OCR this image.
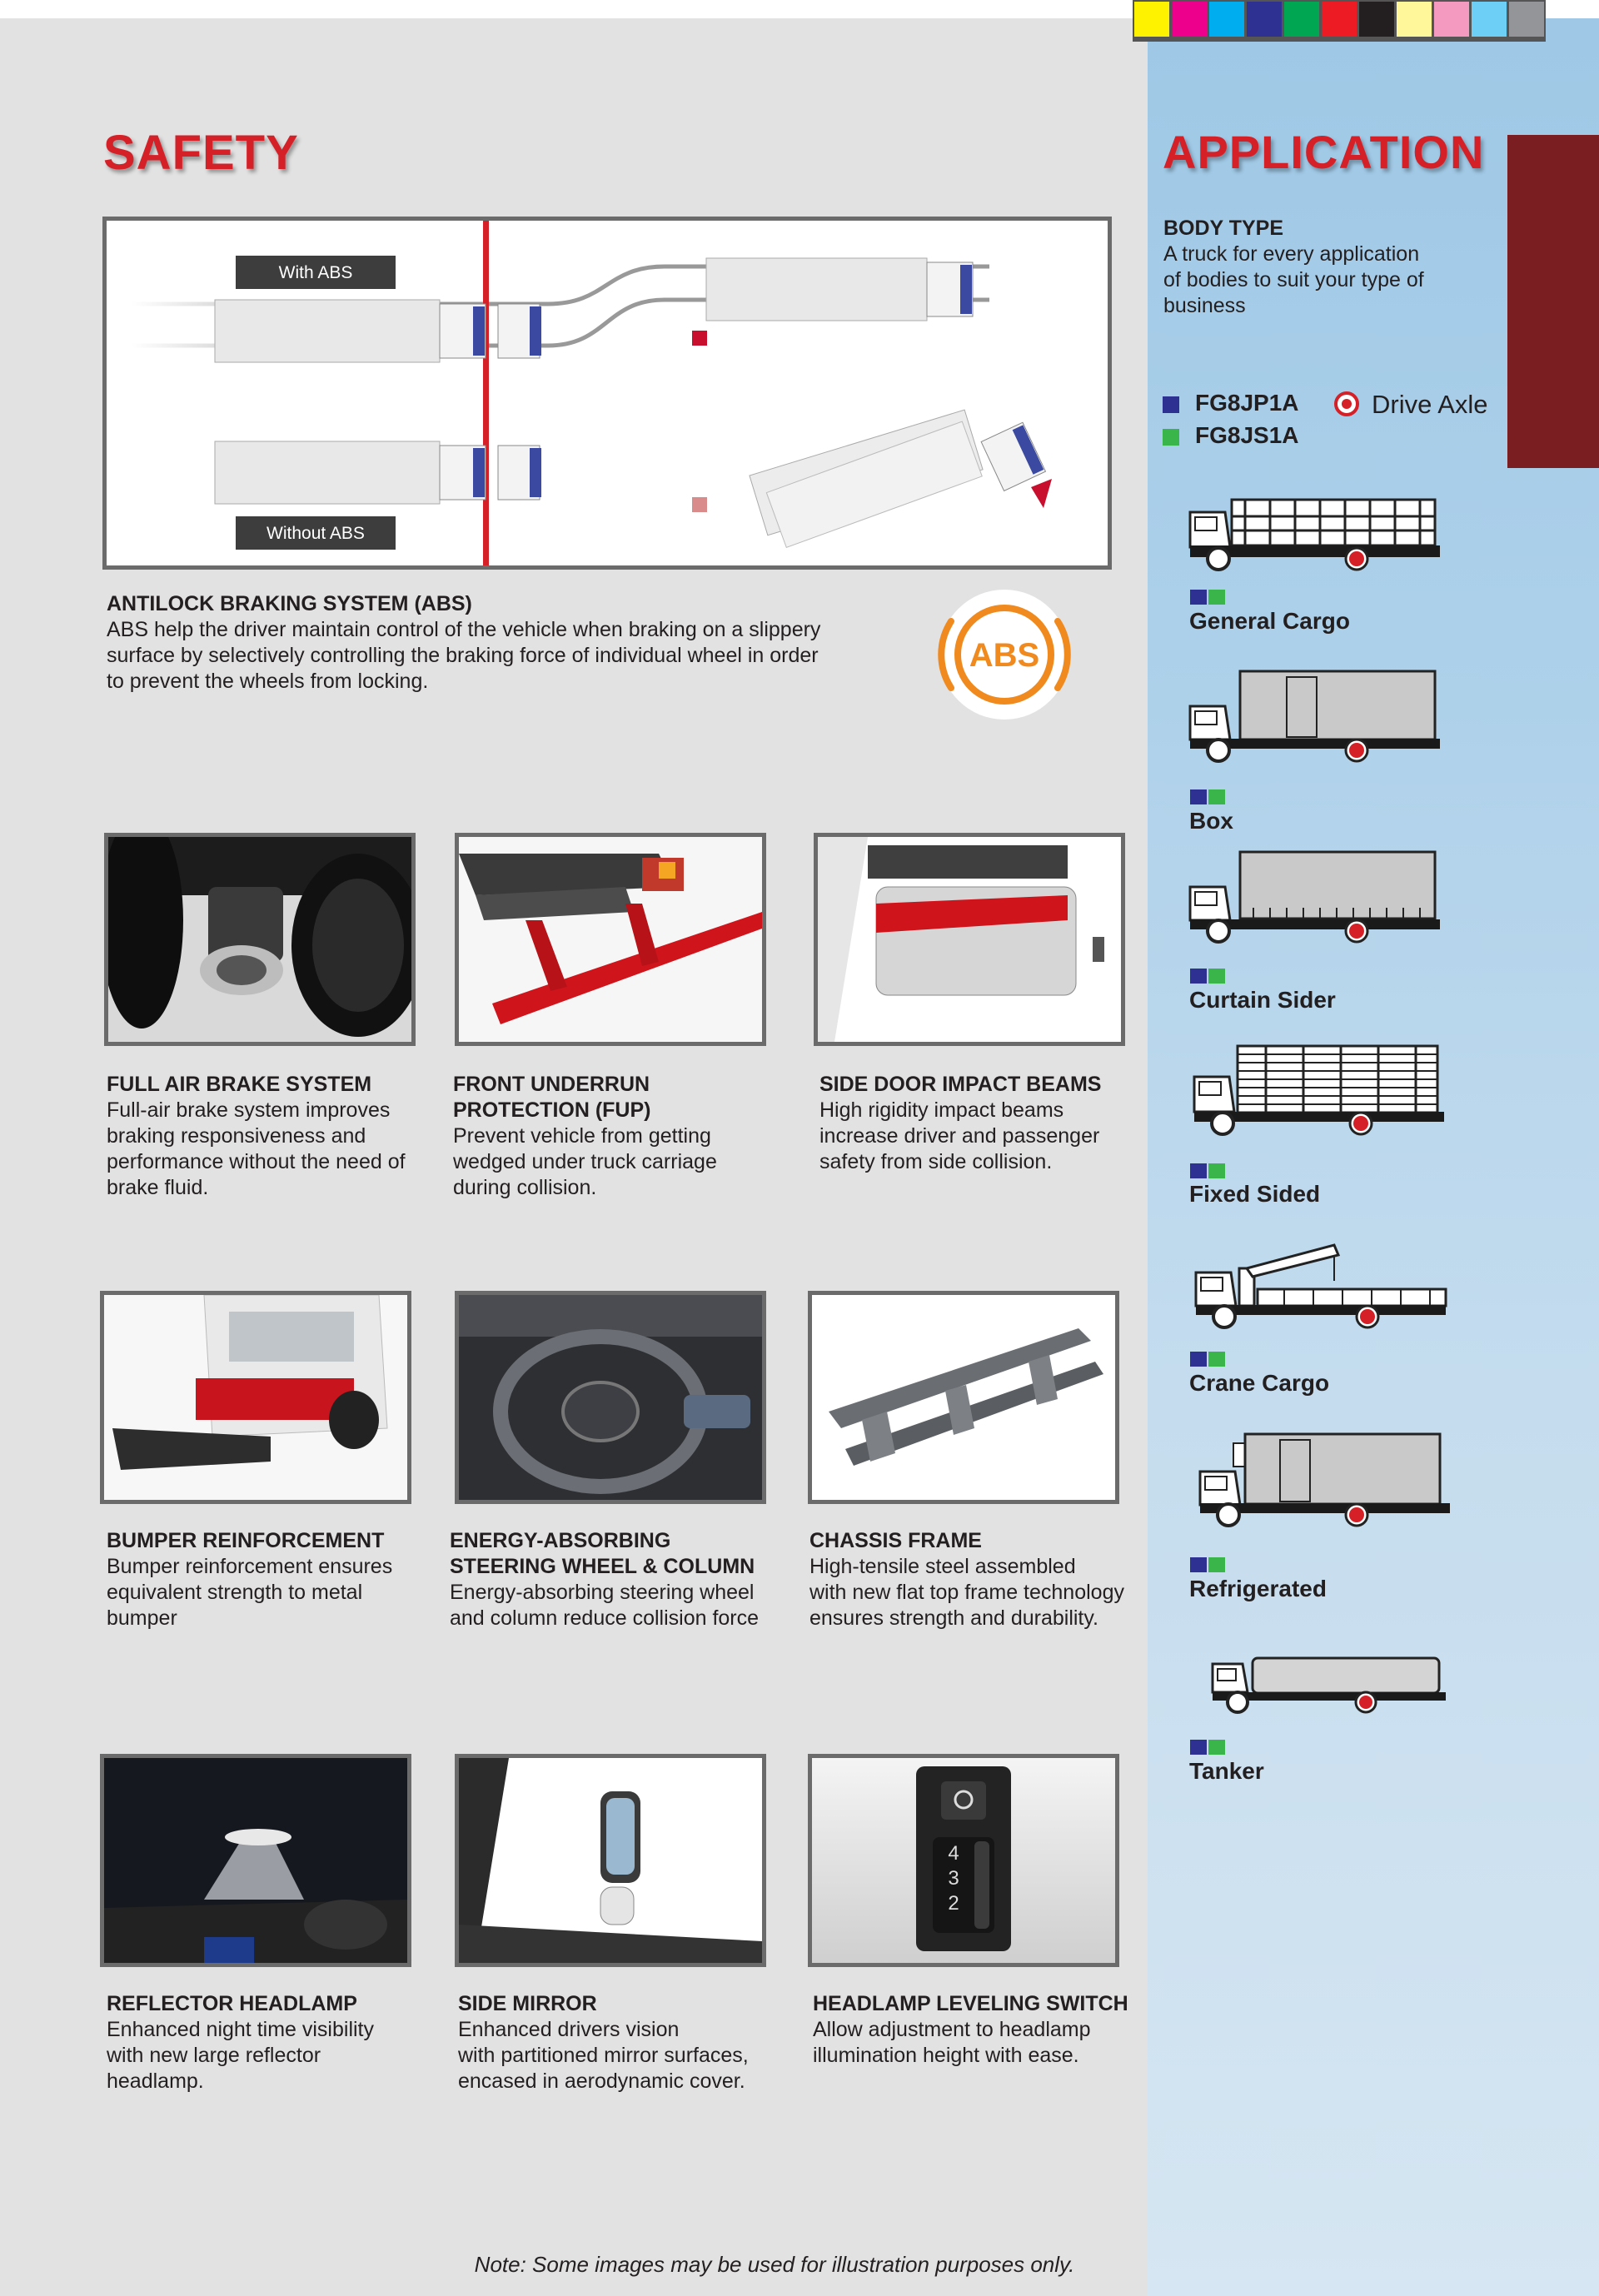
SAFETY
With ABS
Without ABS
ANTILOCK BRAKING SYSTEM (ABS)
ABS help the driver maintain control of the vehicle when braking on a slippery
surface by selectively controlling the braking force of individual wheel in order
to prevent the wheels from locking.
ABS
FULL AIR BRAKE SYSTEM
Full-air brake system improves
braking responsiveness and
performance without the need of
brake fluid.
FRONT UNDERRUN
PROTECTION (FUP)
Prevent vehicle from getting
wedged under truck carriage
during collision.
SIDE DOOR IMPACT BEAMS
High rigidity impact beams
increase driver and passenger
safety from side collision.
BUMPER REINFORCEMENT
Bumper reinforcement ensures
equivalent strength to metal
bumper
ENERGY-ABSORBING
STEERING WHEEL & COLUMN
Energy-absorbing steering wheel
and column reduce collision force
CHASSIS FRAME
High-tensile steel assembled
with new flat top frame technology
ensures strength and durability.
4
3
2
REFLECTOR HEADLAMP
Enhanced night time visibility
with new large reflector
headlamp.
SIDE MIRROR
Enhanced drivers vision
with partitioned mirror surfaces,
encased in aerodynamic cover.
HEADLAMP LEVELING SWITCH
Allow adjustment to headlamp
illumination height with ease.
Note: Some images may be used for illustration purposes only.
APPLICATION
BODY TYPE
A truck for every application
of bodies to suit your type of
business
FG8JP1A
FG8JS1A
Drive Axle
General Cargo
Box
Curtain Sider
Fixed Sided
Crane Cargo
Refrigerated
Tanker
